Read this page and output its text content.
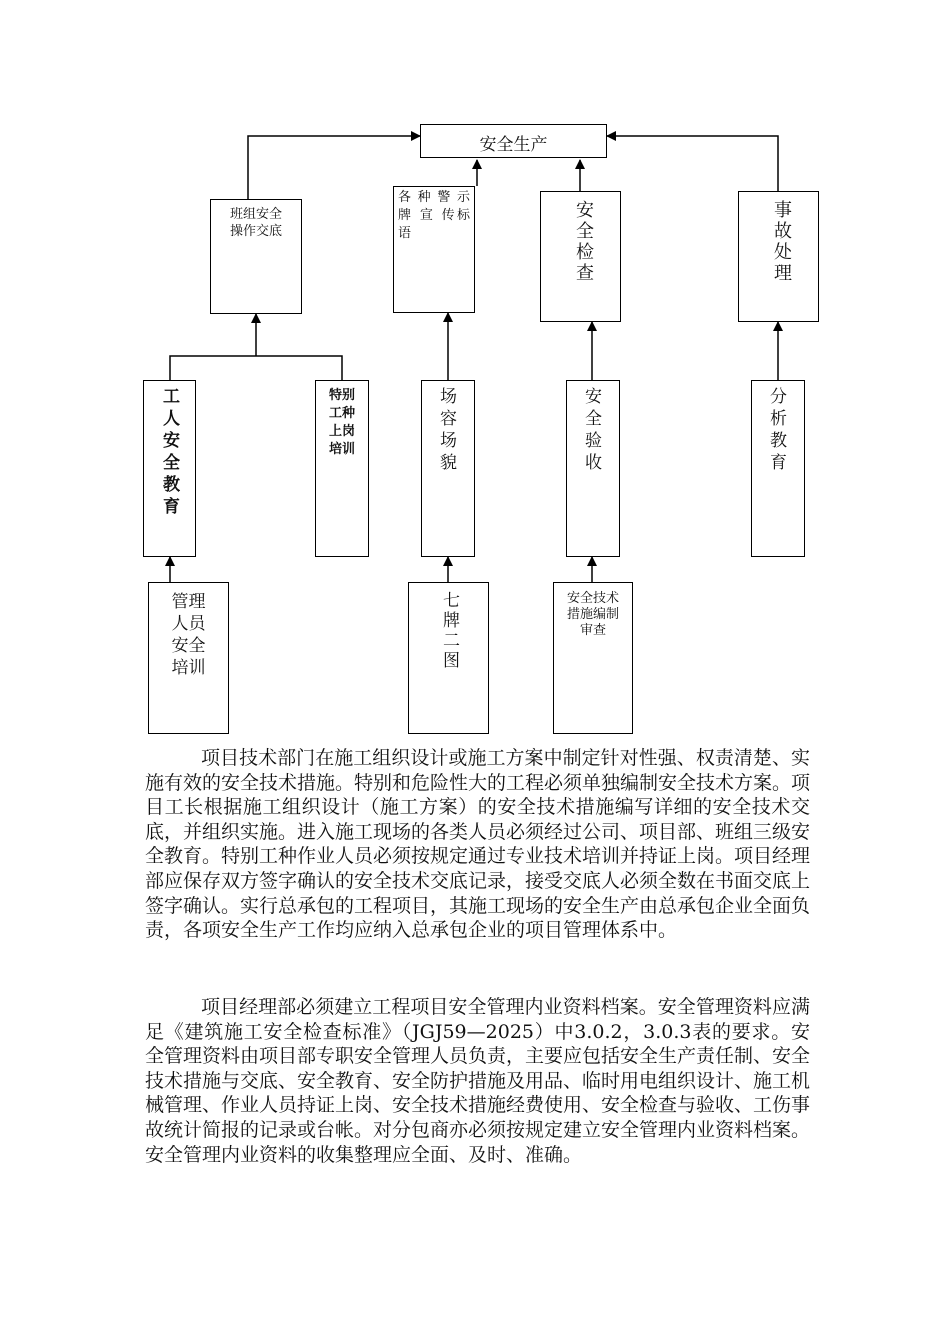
安全生产
班组安全操作交底
各 种 警 示 牌 宣 传标语	安全检查	事故处理
工人安全教育	特别工种上岗培训	场容场貌	安全验收	分析教育
管理人员安全培训	七牌二图	安全技术措施编制审查
项目技术部门在施工组织设计或施工方案中制定针对性强、权责清楚、实施有效的安全技术措施。特别和危险性大的工程必须单独编制安全技术方案。项目工长根据施工组织设计（施工方案）的安全技术措施编写详细的安全技术交底，并组织实施。进入施工现场的各类人员必须经过公司、项目部、班组三级安全教育。特别工种作业人员必须按规定通过专业技术培训并持证上岗。项目经理部应保存双方签字确认的安全技术交底记录，接受交底人必须全数在书面交底上签字确认。实行总承包的工程项目，其施工现场的安全生产由总承包企业全面负责，各项安全生产工作均应纳入总承包企业的项目管理体系中。
项目经理部必须建立工程项目安全管理内业资料档案。安全管理资料应满足《建筑施工安全检查标准》（JGJ59—2025）中3.0.2，3.0.3表的要求。安全管理资料由项目部专职安全管理人员负责，主要应包括安全生产责任制、安全技术措施与交底、安全教育、安全防护措施及用品、临时用电组织设计、施工机械管理、作业人员持证上岗、安全技术措施经费使用、安全检查与验收、工伤事故统计简报的记录或台帐。对分包商亦必须按规定建立安全管理内业资料档案。安全管理内业资料的收集整理应全面、及时、准确。
